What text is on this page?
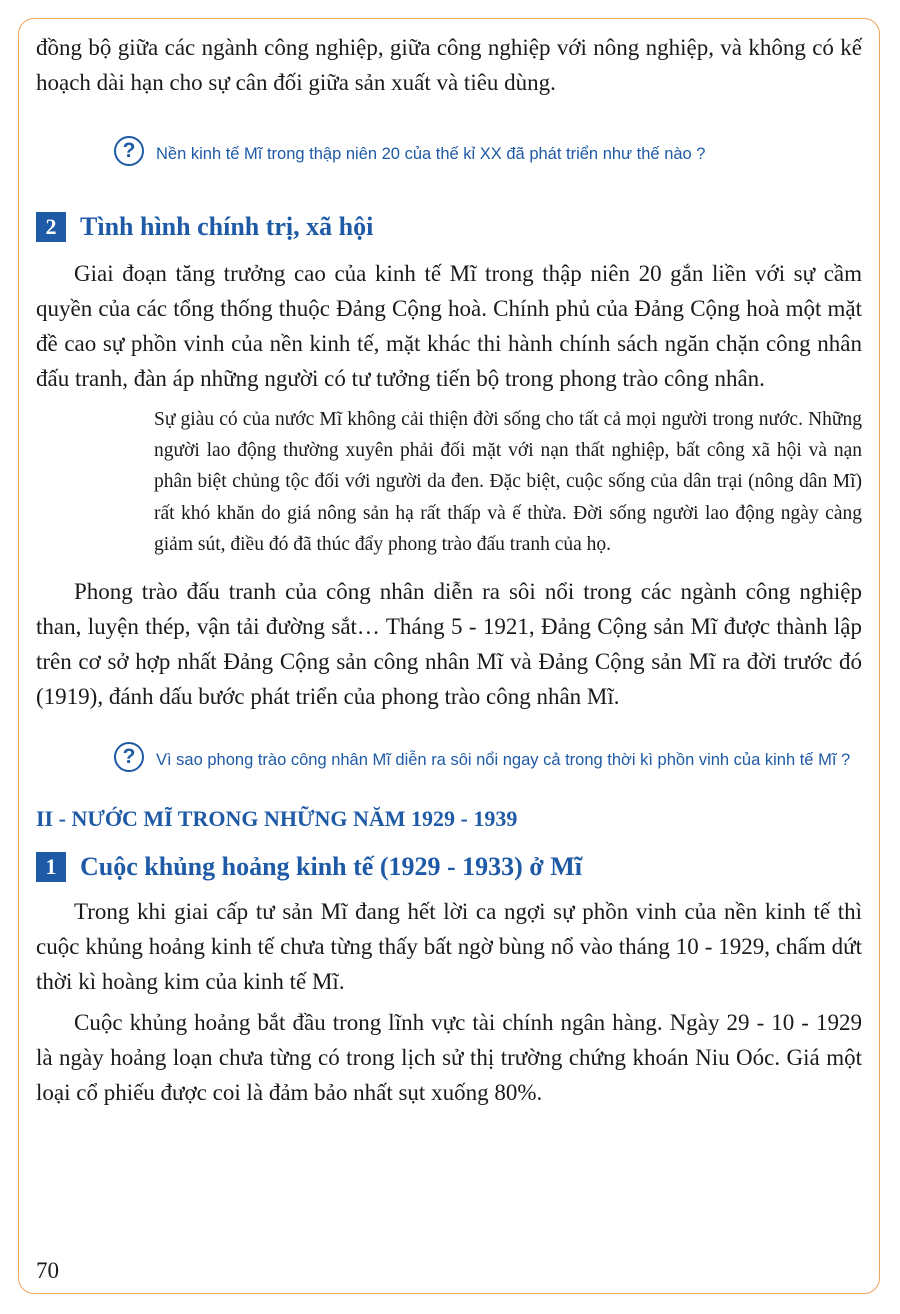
đồng bộ giữa các ngành công nghiệp, giữa công nghiệp với nông nghiệp, và không có kế hoạch dài hạn cho sự cân đối giữa sản xuất và tiêu dùng.

?	Nền kinh tế Mĩ trong thập niên 20 của thế kỉ XX đã phát triển như thế nào ?
2 Tình hình chính trị, xã hội

Giai đoạn tăng trưởng cao của kinh tế Mĩ trong thập niên 20 gắn liền với sự cầm quyền của các tổng thống thuộc Đảng Cộng hoà. Chính phủ của Đảng Cộng hoà một mặt đề cao sự phồn vinh của nền kinh tế, mặt khác thi hành chính sách ngăn chặn công nhân đấu tranh, đàn áp những người có tư tưởng tiến bộ trong phong trào công nhân.

Sự giàu có của nước Mĩ không cải thiện đời sống cho tất cả mọi người trong nước. Những người lao động thường xuyên phải đối mặt với nạn thất nghiệp, bất công xã hội và nạn phân biệt chủng tộc đối với người da đen. Đặc biệt, cuộc sống của dân trại (nông dân Mĩ) rất khó khăn do giá nông sản hạ rất thấp và ế thừa. Đời sống người lao động ngày càng giảm sút, điều đó đã thúc đẩy phong trào đấu tranh của họ.

Phong trào đấu tranh của công nhân diễn ra sôi nổi trong các ngành công nghiệp than, luyện thép, vận tải đường sắt… Tháng 5 - 1921, Đảng Cộng sản Mĩ được thành lập trên cơ sở hợp nhất Đảng Cộng sản công nhân Mĩ và Đảng Cộng sản Mĩ ra đời trước đó (1919), đánh dấu bước phát triển của phong trào công nhân Mĩ.

?	Vì sao phong trào công nhân Mĩ diễn ra sôi nổi ngay cả trong thời kì phồn vinh của kinh tế Mĩ ?
II - NƯỚC MĨ TRONG NHỮNG NĂM 1929 - 1939
1 Cuộc khủng hoảng kinh tế (1929 - 1933) ở Mĩ

Trong khi giai cấp tư sản Mĩ đang hết lời ca ngợi sự phồn vinh của nền kinh tế thì cuộc khủng hoảng kinh tế chưa từng thấy bất ngờ bùng nổ vào tháng 10 - 1929, chấm dứt thời kì hoàng kim của kinh tế Mĩ.

Cuộc khủng hoảng bắt đầu trong lĩnh vực tài chính ngân hàng. Ngày 29 - 10 - 1929 là ngày hoảng loạn chưa từng có trong lịch sử thị trường chứng khoán Niu Oóc. Giá một loại cổ phiếu được coi là đảm bảo nhất sụt xuống 80%.

70
